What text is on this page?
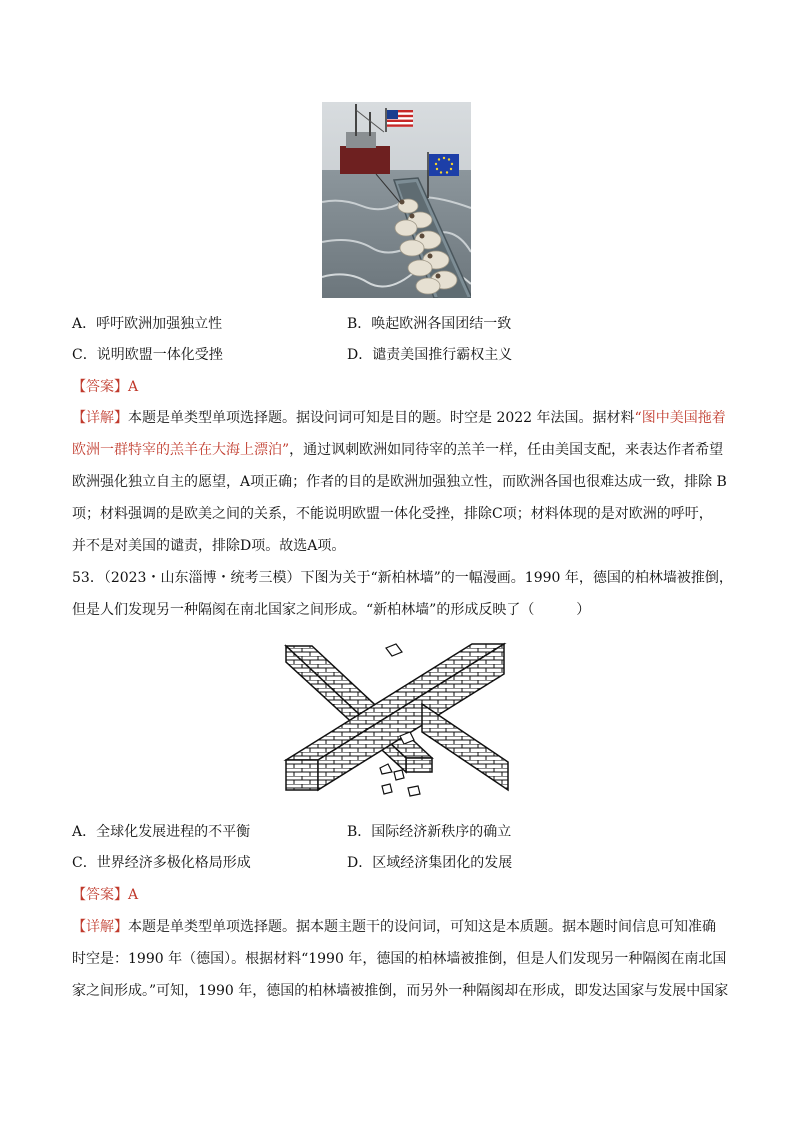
A．呼吁欧洲加强独立性	B．唤起欧洲各国团结一致
C．说明欧盟一体化受挫	D．谴责美国推行霸权主义
【答案】A
【详解】本题是单类型单项选择题。据设问词可知是目的题。时空是 2022 年法国。据材料“图中美国拖着
欧洲一群特宰的羔羊在大海上漂泊”，通过讽刺欧洲如同待宰的羔羊一样，任由美国支配，来表达作者希望
欧洲强化独立自主的愿望，A项正确；作者的目的是欧洲加强独立性，而欧洲各国也很难达成一致，排除 B
项；材料强调的是欧美之间的关系，不能说明欧盟一体化受挫，排除C项；材料体现的是对欧洲的呼吁，
并不是对美国的谴责，排除D项。故选A项。
53．（2023・山东淄博・统考三模）下图为关于“新柏林墙”的一幅漫画。1990 年，德国的柏林墙被推倒，
但是人们发现另一种隔阂在南北国家之间形成。“新柏林墙”的形成反映了（　　　）
A．全球化发展进程的不平衡	B．国际经济新秩序的确立
C．世界经济多极化格局形成	D．区域经济集团化的发展
【答案】A
【详解】本题是单类型单项选择题。据本题主题干的设问词，可知这是本质题。据本题时间信息可知准确
时空是：1990 年（德国）。根据材料“1990 年，德国的柏林墙被推倒，但是人们发现另一种隔阂在南北国
家之间形成。”可知，1990 年，德国的柏林墙被推倒，而另外一种隔阂却在形成，即发达国家与发展中国家
